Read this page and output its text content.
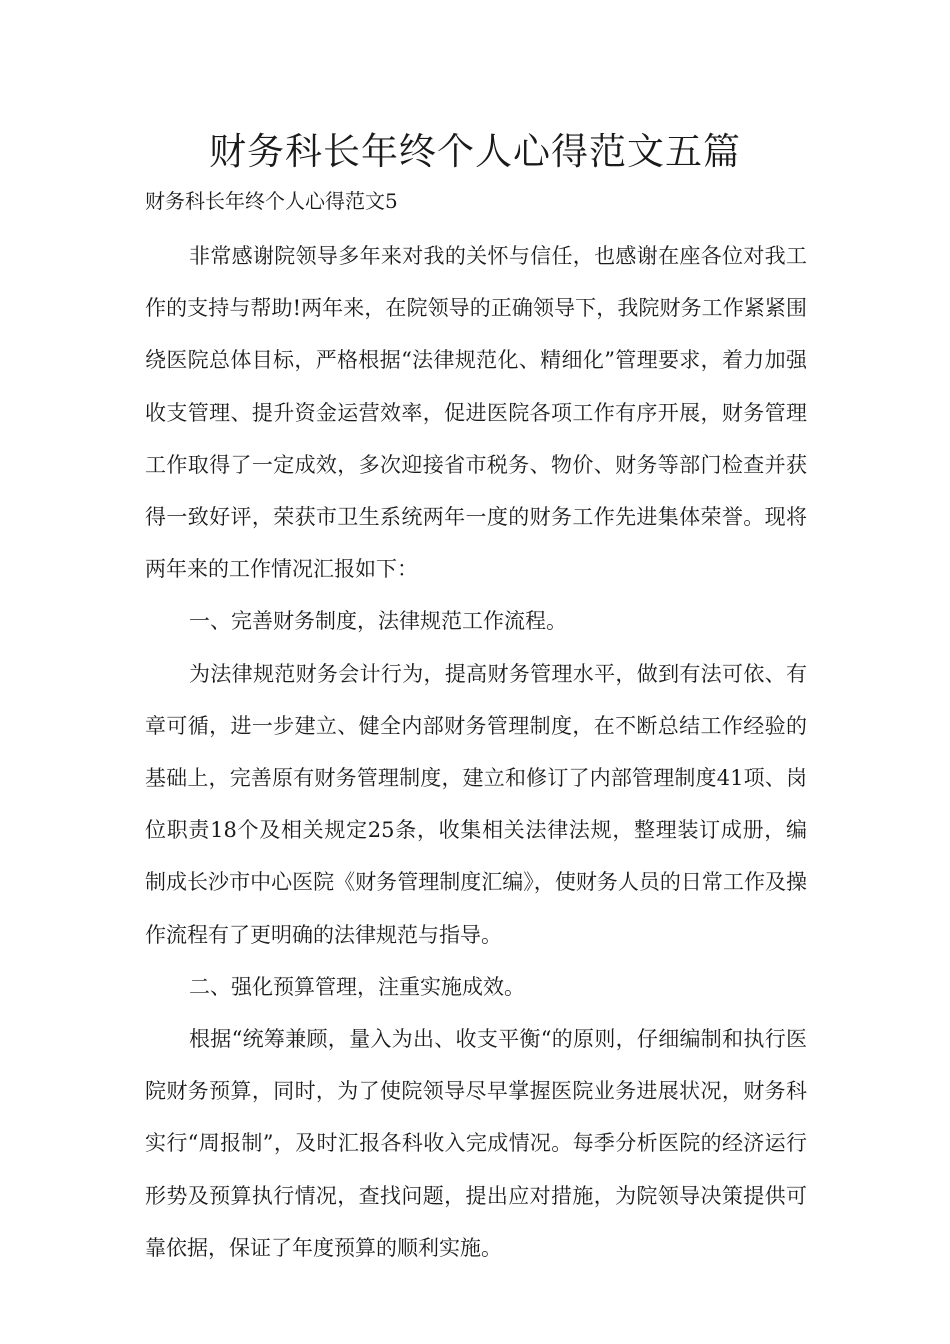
财务科长年终个人心得范文五篇

财务科长年终个人心得范文5

非常感谢院领导多年来对我的关怀与信任，也感谢在座各位对我工作的支持与帮助!两年来，在院领导的正确领导下，我院财务工作紧紧围绕医院总体目标，严格根据“法律规范化、精细化”管理要求，着力加强收支管理、提升资金运营效率，促进医院各项工作有序开展，财务管理工作取得了一定成效，多次迎接省市税务、物价、财务等部门检查并获得一致好评，荣获市卫生系统两年一度的财务工作先进集体荣誉。现将两年来的工作情况汇报如下：

一、完善财务制度，法律规范工作流程。

为法律规范财务会计行为，提高财务管理水平，做到有法可依、有章可循，进一步建立、健全内部财务管理制度，在不断总结工作经验的基础上，完善原有财务管理制度，建立和修订了内部管理制度41项、岗位职责18个及相关规定25条，收集相关法律法规，整理装订成册，编制成长沙市中心医院《财务管理制度汇编》，使财务人员的日常工作及操作流程有了更明确的法律规范与指导。

二、强化预算管理，注重实施成效。

根据“统筹兼顾，量入为出、收支平衡“的原则，仔细编制和执行医院财务预算，同时，为了使院领导尽早掌握医院业务进展状况，财务科实行“周报制”，及时汇报各科收入完成情况。每季分析医院的经济运行形势及预算执行情况，查找问题，提出应对措施，为院领导决策提供可靠依据，保证了年度预算的顺利实施。
